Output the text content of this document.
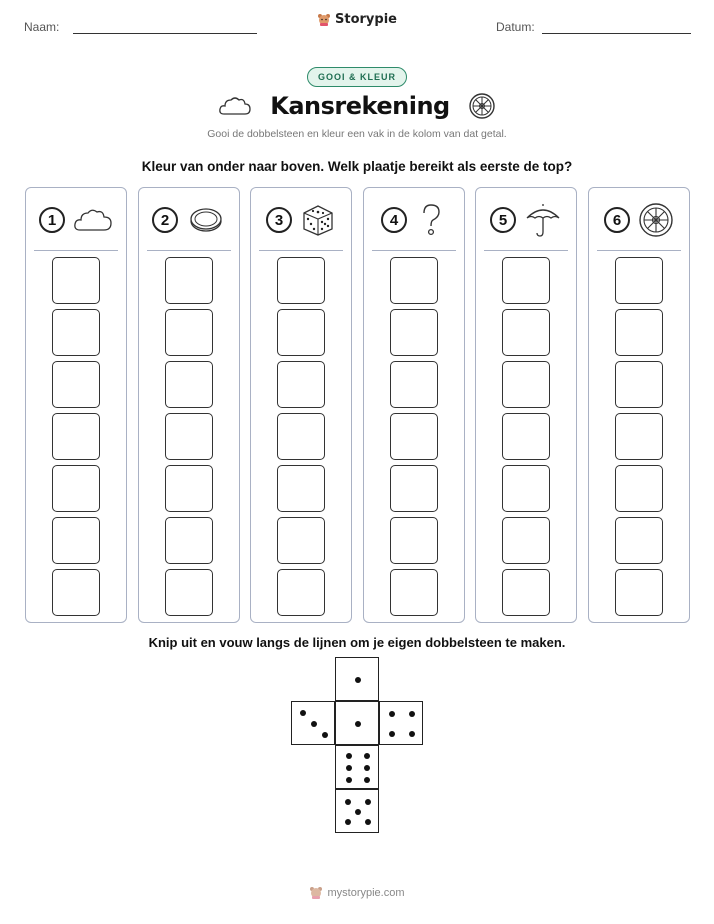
Naam:	Storypie	Datum:
GOOI & KLEUR
Kansrekening
Gooi de dobbelsteen en kleur een vak in de kolom van dat getal.
Kleur van onder naar boven. Welk plaatje bereikt als eerste de top?
1	2	3	4	5	6
Knip uit en vouw langs de lijnen om je eigen dobbelsteen te maken.
mystorypie.com
